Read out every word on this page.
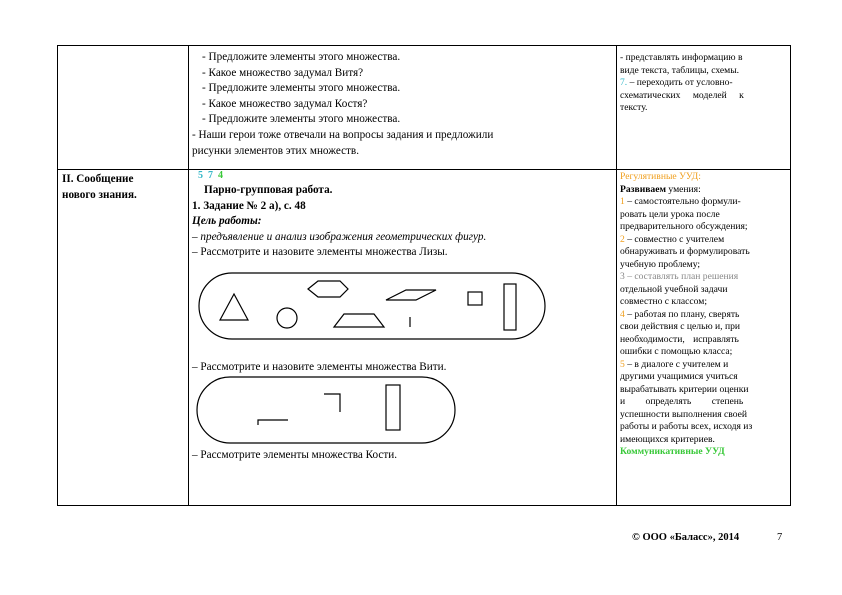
- Предложите элементы этого множества.
- Какое множество задумал Витя?
- Предложите элементы этого множества.
- Какое множество задумал Костя?
- Предложите элементы этого множества.
- Наши герои тоже отвечали на вопросы задания и предложили
рисунки элементов этих множеств.
- представлять информацию в
виде текста, таблицы, схемы.
7. – переходить от условно-
схематических моделей к
тексту.
II. Сообщение
нового знания.
5 7 4
Парно-групповая работа.
1. Задание № 2 а), с. 48
Цель работы:
– предъявление и анализ изображения геометрических фигур.
– Рассмотрите и назовите элементы множества Лизы.
– Рассмотрите и назовите элементы множества Вити.
– Рассмотрите элементы множества Кости.
Регулятивные УУД:
Развиваем умения:
1 – самостоятельно формули-
ровать цели урока после
предварительного обсуждения;
2 – совместно с учителем
обнаруживать и формулировать
учебную проблему;
3 – составлять план решения
отдельной учебной задачи
совместно с классом;
4 – работая по плану, сверять
свои действия с целью и, при
необходимости, исправлять
ошибки с помощью класса;
5 – в диалоге с учителем и
другими учащимися учиться
вырабатывать критерии оценки
и определять степень
успешности выполнения своей
работы и работы всех, исходя из
имеющихся критериев.
Коммуникативные УУД
© ООО «Баласс», 2014	7
